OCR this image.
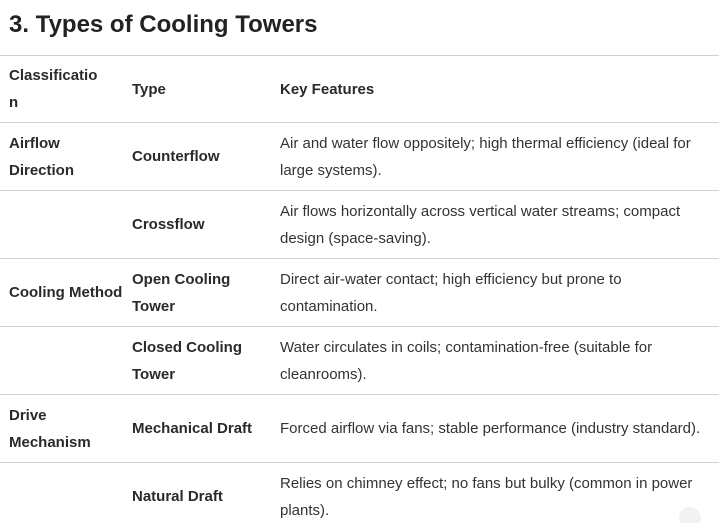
3. Types of Cooling Towers
Classificatio n	Type	Key Features
Airflow Direction	Counterflow	Air and water flow oppositely; high thermal efficiency (ideal for large systems).
	Crossflow	Air flows horizontally across vertical water streams; compact design (space-saving).
Cooling Method	Open Cooling Tower	Direct air-water contact; high efficiency but prone to contamination.
	Closed Cooling Tower	Water circulates in coils; contamination-free (suitable for cleanrooms).
Drive Mechanism	Mechanical Draft	Forced airflow via fans; stable performance (industry standard).
	Natural Draft	Relies on chimney effect; no fans but bulky (common in power plants).
